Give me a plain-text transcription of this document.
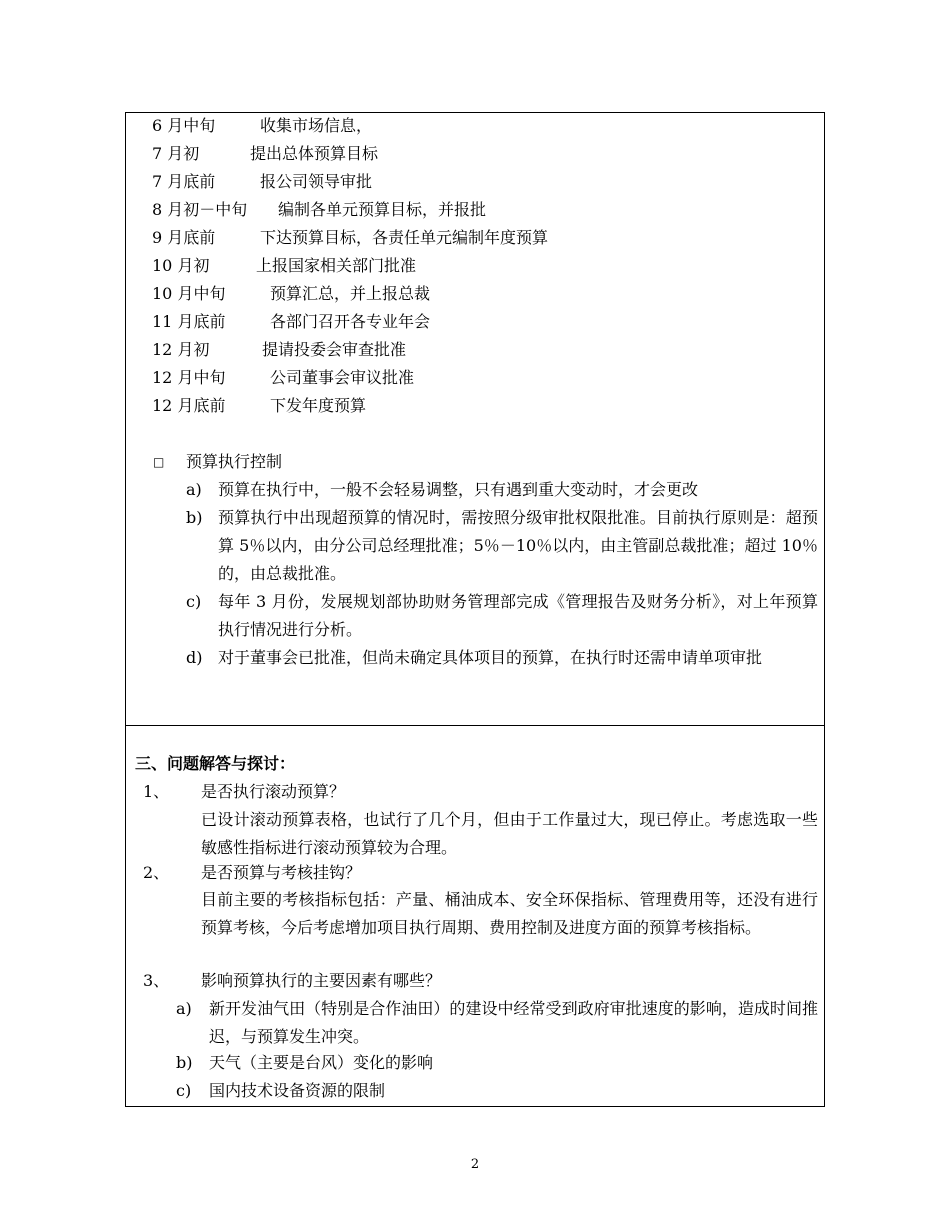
6 月中旬	收集市场信息，
7 月初	提出总体预算目标
7 月底前	报公司领导审批
8 月初－中旬 编制各单元预算目标，并报批
9 月底前	下达预算目标，各责任单元编制年度预算
10 月初	上报国家相关部门批准
10 月中旬	预算汇总，并上报总裁
11 月底前	各部门召开各专业年会
12 月初	提请投委会审查批准
12 月中旬	公司董事会审议批准
12 月底前	下发年度预算
□ 预算执行控制
a) 预算在执行中，一般不会轻易调整，只有遇到重大变动时，才会更改
b) 预算执行中出现超预算的情况时，需按照分级审批权限批准。目前执行原则是：超预算 5％以内，由分公司总经理批准；5％－10％以内，由主管副总裁批准；超过 10％的，由总裁批准。
c) 每年 3 月份，发展规划部协助财务管理部完成《管理报告及财务分析》，对上年预算执行情况进行分析。
d) 对于董事会已批准，但尚未确定具体项目的预算，在执行时还需申请单项审批
三、问题解答与探讨：
1、 是否执行滚动预算？
已设计滚动预算表格，也试行了几个月，但由于工作量过大，现已停止。考虑选取一些敏感性指标进行滚动预算较为合理。
2、 是否预算与考核挂钩？
目前主要的考核指标包括：产量、桶油成本、安全环保指标、管理费用等，还没有进行预算考核，今后考虑增加项目执行周期、费用控制及进度方面的预算考核指标。
3、 影响预算执行的主要因素有哪些？
a) 新开发油气田（特别是合作油田）的建设中经常受到政府审批速度的影响，造成时间推迟，与预算发生冲突。
b) 天气（主要是台风）变化的影响
c) 国内技术设备资源的限制
2
